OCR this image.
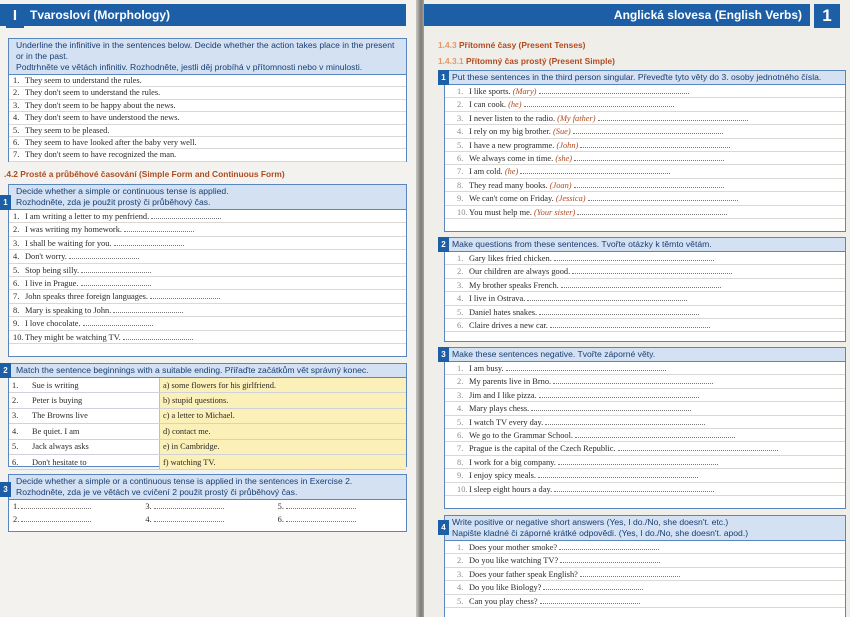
Tvarosloví (Morphology)
I
Underline the infinitive in the sentences below. Decide whether the action takes place in the present or in the past.
Podtrhněte ve větách infinitiv. Rozhodněte, jestli děj probíhá v přítomnosti nebo v minulosti.
1. They seem to understand the rules.
2. They don't seem to understand the rules.
3. They don't seem to be happy about the news.
4. They don't seem to have understood the news.
5. They seem to be pleased.
6. They seem to have looked after the baby very well.
7. They don't seem to have recognized the man.
.4.2 Prosté a průběhové časování (Simple Form and Continuous Form)
Decide whether a simple or continuous tense is applied.
Rozhodněte, zda je použit prostý či průběhový čas.
1. I am writing a letter to my penfriend.
2. I was writing my homework.
3. I shall be waiting for you.
4. Don't worry.
5. Stop being silly.
6. I live in Prague.
7. John speaks three foreign languages.
8. Mary is speaking to John.
9. I love chocolate.
10. They might be watching TV.
1
Match the sentence beginnings with a suitable ending. Přiřaďte začátkům vět správný konec.
1.	Sue is writing	a) some flowers for his girlfriend.
2.	Peter is buying	b) stupid questions.
3.	The Browns live	c) a letter to Michael.
4.	Be quiet. I am	d) contact me.
5.	Jack always asks	e) in Cambridge.
6.	Don't hesitate to	f) watching TV.
2
Decide whether a simple or a continuous tense is applied in the sentences in Exercise 2.
Rozhodněte, zda je ve větách ve cvičení 2 použit prostý či průběhový čas.
1.
2.
3.
4.
5.
6.
3
Anglická slovesa (English Verbs)	1
1.4.3 Přítomné časy (Present Tenses)
1.4.3.1 Přítomný čas prostý (Present Simple)
Put these sentences in the third person singular. Převeďte tyto věty do 3. osoby jednotného čísla.
1. I like sports. (Mary)
2. I can cook. (he)
3. I never listen to the radio. (My father)
4. I rely on my big brother. (Sue)
5. I have a new programme. (John)
6. We always come in time. (she)
7. I am cold. (he)
8. They read many books. (Joan)
9. We can't come on Friday. (Jessica)
10. You must help me. (Your sister)
1
Make questions from these sentences. Tvořte otázky k těmto větám.
1. Gary likes fried chicken.
2. Our children are always good.
3. My brother speaks French.
4. I live in Ostrava.
5. Daniel hates snakes.
6. Claire drives a new car.
2
Make these sentences negative. Tvořte záporné věty.
1. I am busy.
2. My parents live in Brno.
3. Jim and I like pizza.
4. Mary plays chess.
5. I watch TV every day.
6. We go to the Grammar School.
7. Prague is the capital of the Czech Republic.
8. I work for a big company.
9. I enjoy spicy meals.
10. I sleep eight hours a day.
3
Write positive or negative short answers (Yes, I do./No, she doesn't. etc.)
Napište kladné či záporné krátké odpovědi. (Yes, I do./No, she doesn't. apod.)
1. Does your mother smoke?
2. Do you like watching TV?
3. Does your father speak English?
4. Do you like Biology?
5. Can you play chess?
4
